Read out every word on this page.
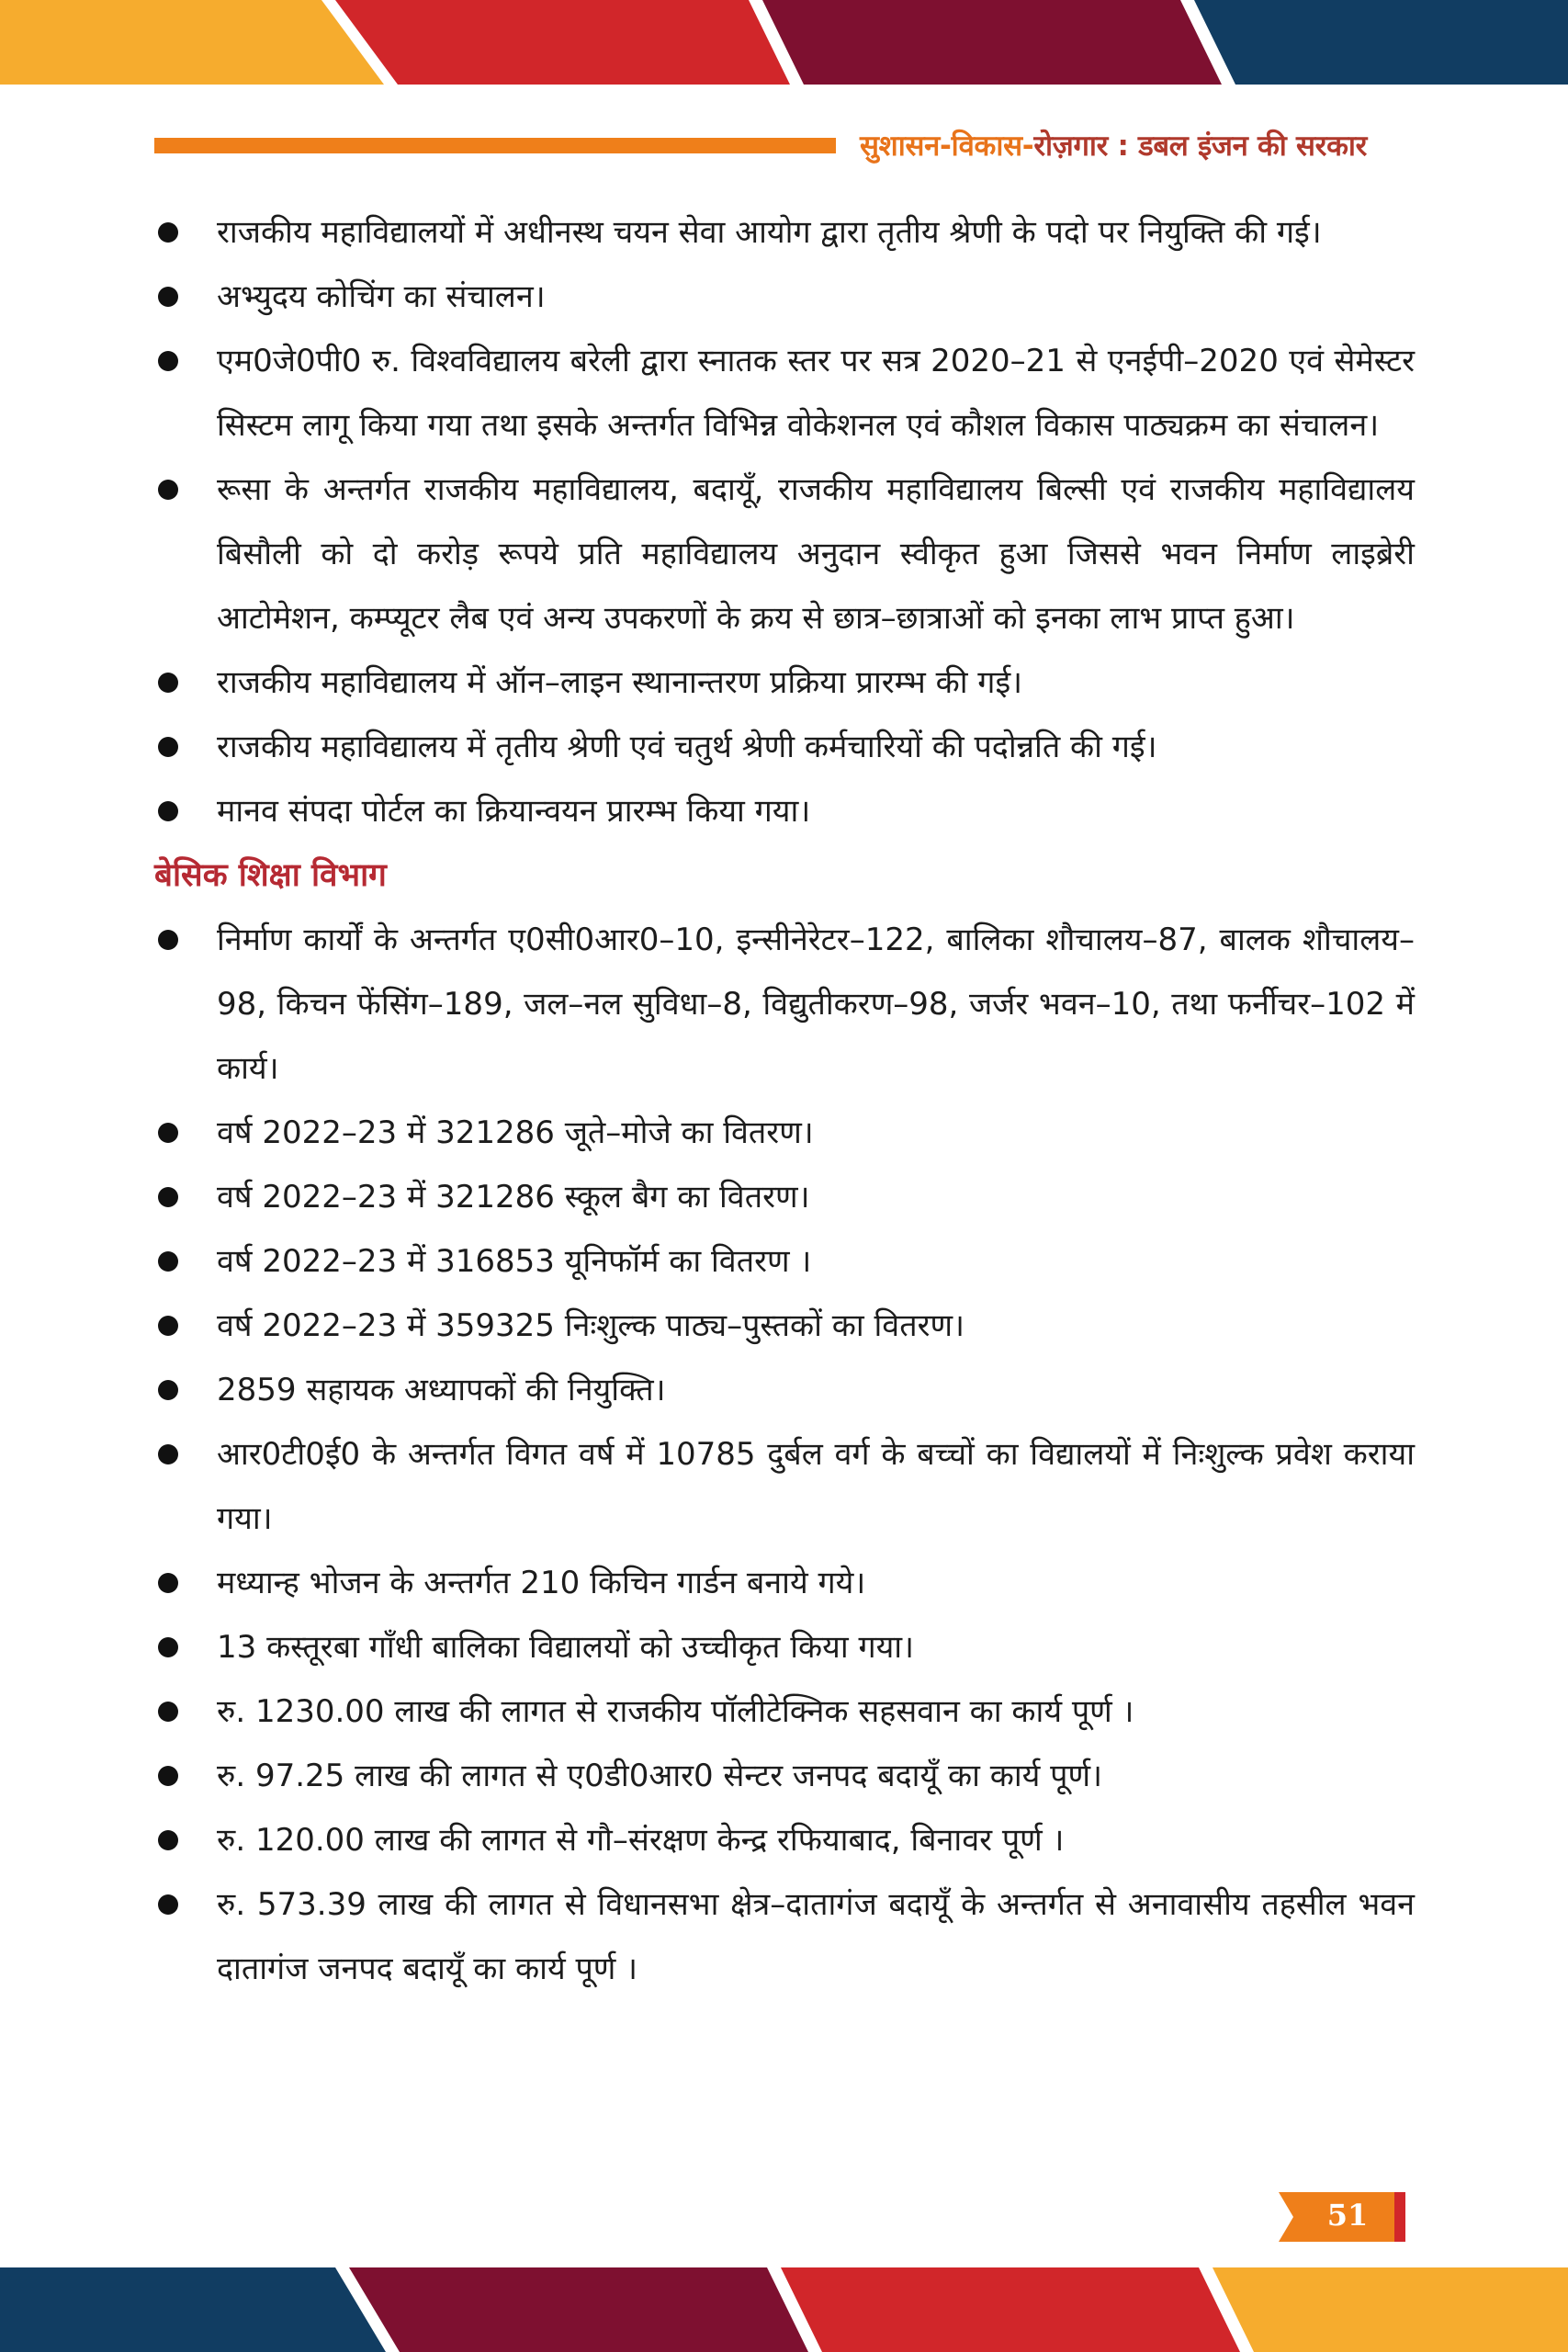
सुशासन-विकास-रोज़गार : डबल इंजन की सरकार
राजकीय महाविद्यालयों में अधीनस्थ चयन सेवा आयोग द्वारा तृतीय श्रेणी के पदो पर नियुक्ति की गई।
अभ्युदय कोचिंग का संचालन।
एम0जे0पी0 रु. विश्वविद्यालय बरेली द्वारा स्नातक स्तर पर सत्र 2020–21 से एनईपी–2020 एवं सेमेस्टर सिस्टम लागू किया गया तथा इसके अन्तर्गत विभिन्न वोकेशनल एवं कौशल विकास पाठ्यक्रम का संचालन।
रूसा के अन्तर्गत राजकीय महाविद्यालय, बदायूँ, राजकीय महाविद्यालय बिल्सी एवं राजकीय महाविद्यालय बिसौली को दो करोड़ रूपये प्रति महाविद्यालय अनुदान स्वीकृत हुआ जिससे भवन निर्माण लाइब्रेरी आटोमेशन, कम्प्यूटर लैब एवं अन्य उपकरणों के क्रय से छात्र–छात्राओं को इनका लाभ प्राप्त हुआ।
राजकीय महाविद्यालय में ऑन–लाइन स्थानान्तरण प्रक्रिया प्रारम्भ की गई।
राजकीय महाविद्यालय में तृतीय श्रेणी एवं चतुर्थ श्रेणी कर्मचारियों की पदोन्नति की गई।
मानव संपदा पोर्टल का क्रियान्वयन प्रारम्भ किया गया।
बेसिक शिक्षा विभाग
निर्माण कार्यों के अन्तर्गत ए0सी0आर0–10, इन्सीनेरेटर–122, बालिका शौचालय–87, बालक शौचालय–98, किचन फेंसिंग–189, जल–नल सुविधा–8, विद्युतीकरण–98, जर्जर भवन–10, तथा फर्नीचर–102 में कार्य।
वर्ष 2022–23 में 321286 जूते–मोजे का वितरण।
वर्ष 2022–23 में 321286 स्कूल बैग का वितरण।
वर्ष 2022–23 में 316853 यूनिफॉर्म का वितरण ।
वर्ष 2022–23 में 359325 निःशुल्क पाठ्य–पुस्तकों का वितरण।
2859 सहायक अध्यापकों की नियुक्ति।
आर0टी0ई0 के अन्तर्गत विगत वर्ष में 10785 दुर्बल वर्ग के बच्चों का विद्यालयों में निःशुल्क प्रवेश कराया गया।
मध्यान्ह भोजन के अन्तर्गत 210 किचिन गार्डन बनाये गये।
13 कस्तूरबा गाँधी बालिका विद्यालयों को उच्चीकृत किया गया।
रु. 1230.00 लाख की लागत से राजकीय पॉलीटेक्निक सहसवान का कार्य पूर्ण ।
रु. 97.25 लाख की लागत से ए0डी0आर0 सेन्टर जनपद बदायूँ का कार्य पूर्ण।
रु. 120.00 लाख की लागत से गौ–संरक्षण केन्द्र रफियाबाद, बिनावर पूर्ण ।
रु. 573.39 लाख की लागत से विधानसभा क्षेत्र–दातागंज बदायूँ के अन्तर्गत से अनावासीय तहसील भवन दातागंज जनपद बदायूँ का कार्य पूर्ण ।
51
